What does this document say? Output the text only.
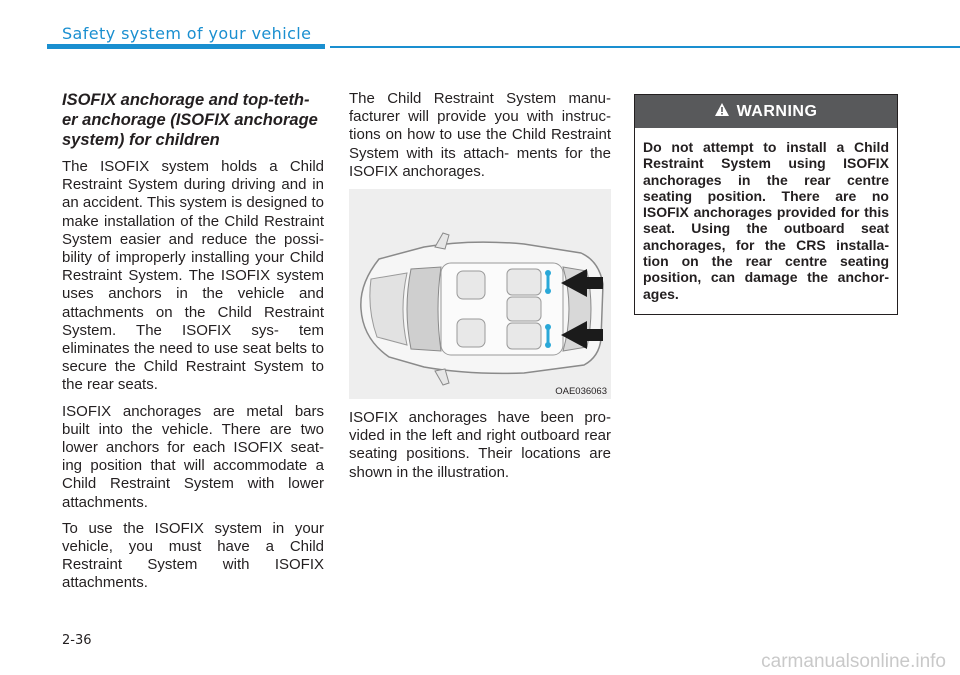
Safety system of your vehicle
ISOFIX anchorage and top-teth- er anchorage (ISOFIX anchorage system) for children

The ISOFIX system holds a Child Restraint System during driving and in an accident. This system is designed to make installation of the Child Restraint System easier and reduce the possi- bility of improperly installing your Child Restraint System. The ISOFIX system uses anchors in the vehicle and attachments on the Child Restraint System. The ISOFIX sys- tem eliminates the need to use seat belts to secure the Child Restraint System to the rear seats.

ISOFIX anchorages are metal bars built into the vehicle. There are two lower anchors for each ISOFIX seat- ing position that will accommodate a Child Restraint System with lower attachments.

To use the ISOFIX system in your vehicle, you must have a Child Restraint System with ISOFIX attachments.

The Child Restraint System manu- facturer will provide you with instruc- tions on how to use the Child Restraint System with its attach- ments for the ISOFIX anchorages.

OAE036063

ISOFIX anchorages have been pro- vided in the left and right outboard rear seating positions. Their locations are shown in the illustration.

WARNING
Do not attempt to install a Child Restraint System using ISOFIX anchorages in the rear centre seating position. There are no ISOFIX anchorages provided for this seat. Using the outboard seat anchorages, for the CRS installa- tion on the rear centre seating position, can damage the anchor- ages.
2-36
carmanualsonline.info
